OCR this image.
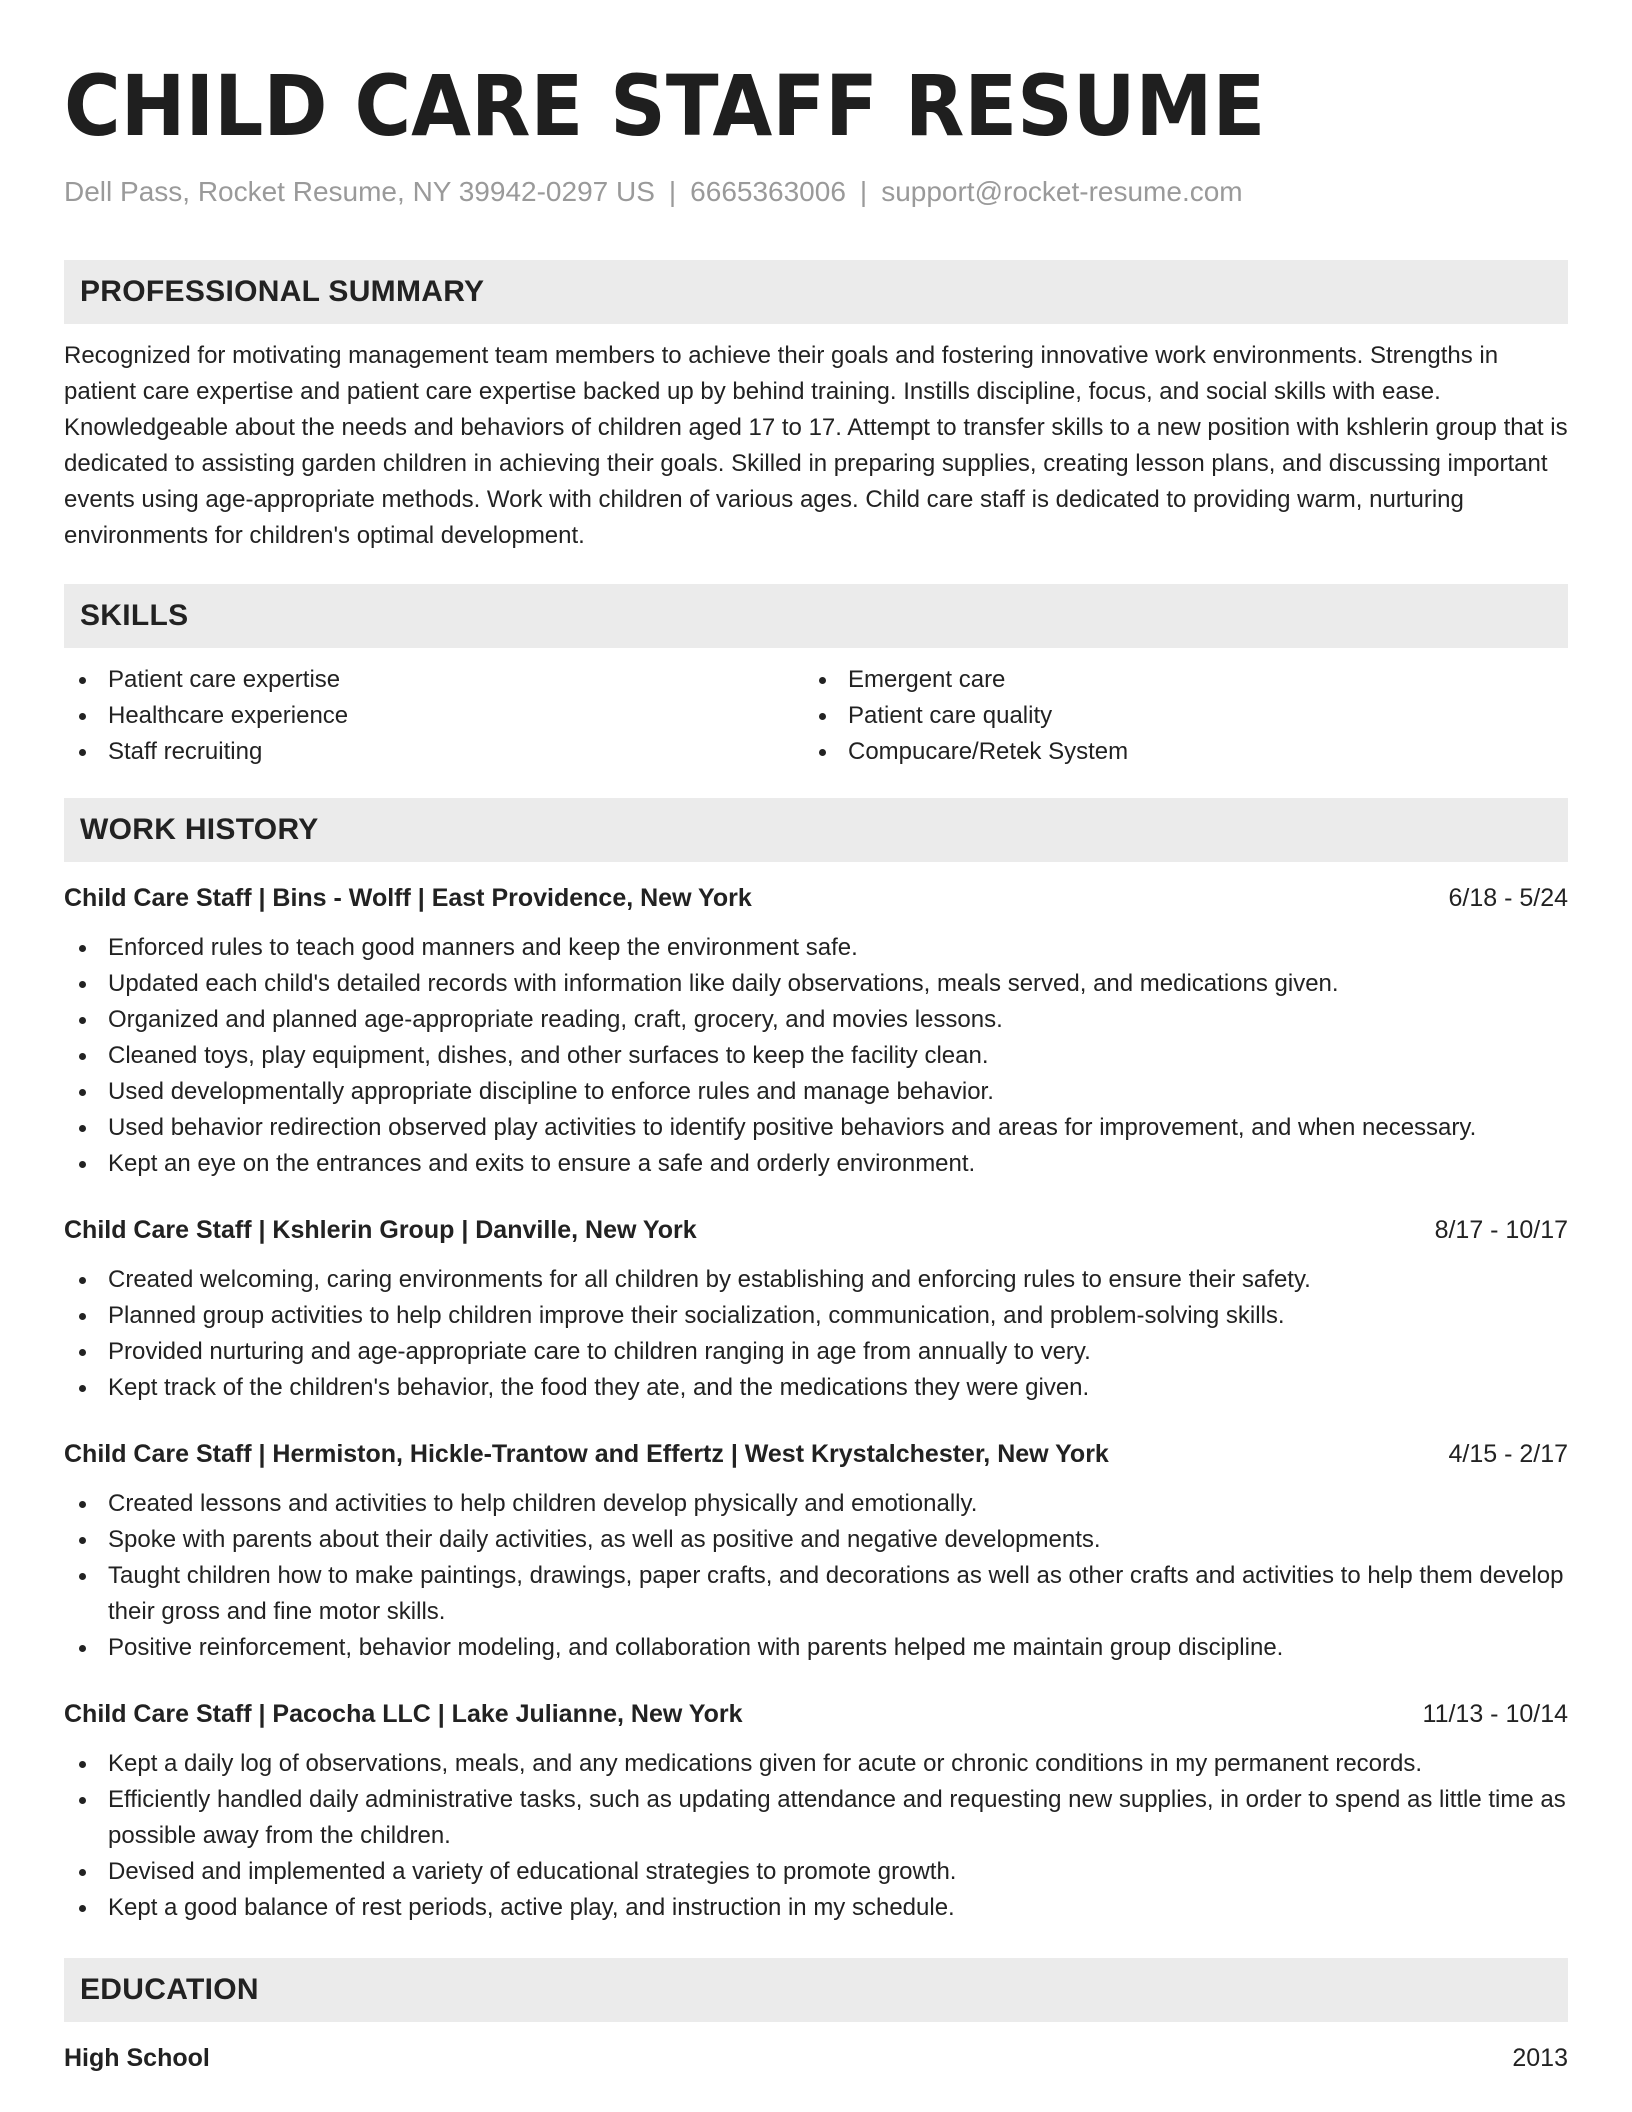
CHILD CARE STAFF RESUME
Dell Pass, Rocket Resume, NY 39942-0297 US | 6665363006 | support@rocket-resume.com
PROFESSIONAL SUMMARY
Recognized for motivating management team members to achieve their goals and fostering innovative work environments. Strengths in patient care expertise and patient care expertise backed up by behind training. Instills discipline, focus, and social skills with ease. Knowledgeable about the needs and behaviors of children aged 17 to 17. Attempt to transfer skills to a new position with kshlerin group that is dedicated to assisting garden children in achieving their goals. Skilled in preparing supplies, creating lesson plans, and discussing important events using age-appropriate methods. Work with children of various ages. Child care staff is dedicated to providing warm, nurturing environments for children's optimal development.
SKILLS
Patient care expertise
Healthcare experience
Staff recruiting
Emergent care
Patient care quality
Compucare/Retek System
WORK HISTORY
Child Care Staff | Bins - Wolff | East Providence, New York	6/18 - 5/24
Enforced rules to teach good manners and keep the environment safe.
Updated each child's detailed records with information like daily observations, meals served, and medications given.
Organized and planned age-appropriate reading, craft, grocery, and movies lessons.
Cleaned toys, play equipment, dishes, and other surfaces to keep the facility clean.
Used developmentally appropriate discipline to enforce rules and manage behavior.
Used behavior redirection observed play activities to identify positive behaviors and areas for improvement, and when necessary.
Kept an eye on the entrances and exits to ensure a safe and orderly environment.
Child Care Staff | Kshlerin Group | Danville, New York	8/17 - 10/17
Created welcoming, caring environments for all children by establishing and enforcing rules to ensure their safety.
Planned group activities to help children improve their socialization, communication, and problem-solving skills.
Provided nurturing and age-appropriate care to children ranging in age from annually to very.
Kept track of the children's behavior, the food they ate, and the medications they were given.
Child Care Staff | Hermiston, Hickle-Trantow and Effertz | West Krystalchester, New York	4/15 - 2/17
Created lessons and activities to help children develop physically and emotionally.
Spoke with parents about their daily activities, as well as positive and negative developments.
Taught children how to make paintings, drawings, paper crafts, and decorations as well as other crafts and activities to help them develop their gross and fine motor skills.
Positive reinforcement, behavior modeling, and collaboration with parents helped me maintain group discipline.
Child Care Staff | Pacocha LLC | Lake Julianne, New York	11/13 - 10/14
Kept a daily log of observations, meals, and any medications given for acute or chronic conditions in my permanent records.
Efficiently handled daily administrative tasks, such as updating attendance and requesting new supplies, in order to spend as little time as possible away from the children.
Devised and implemented a variety of educational strategies to promote growth.
Kept a good balance of rest periods, active play, and instruction in my schedule.
EDUCATION
High School	2013
